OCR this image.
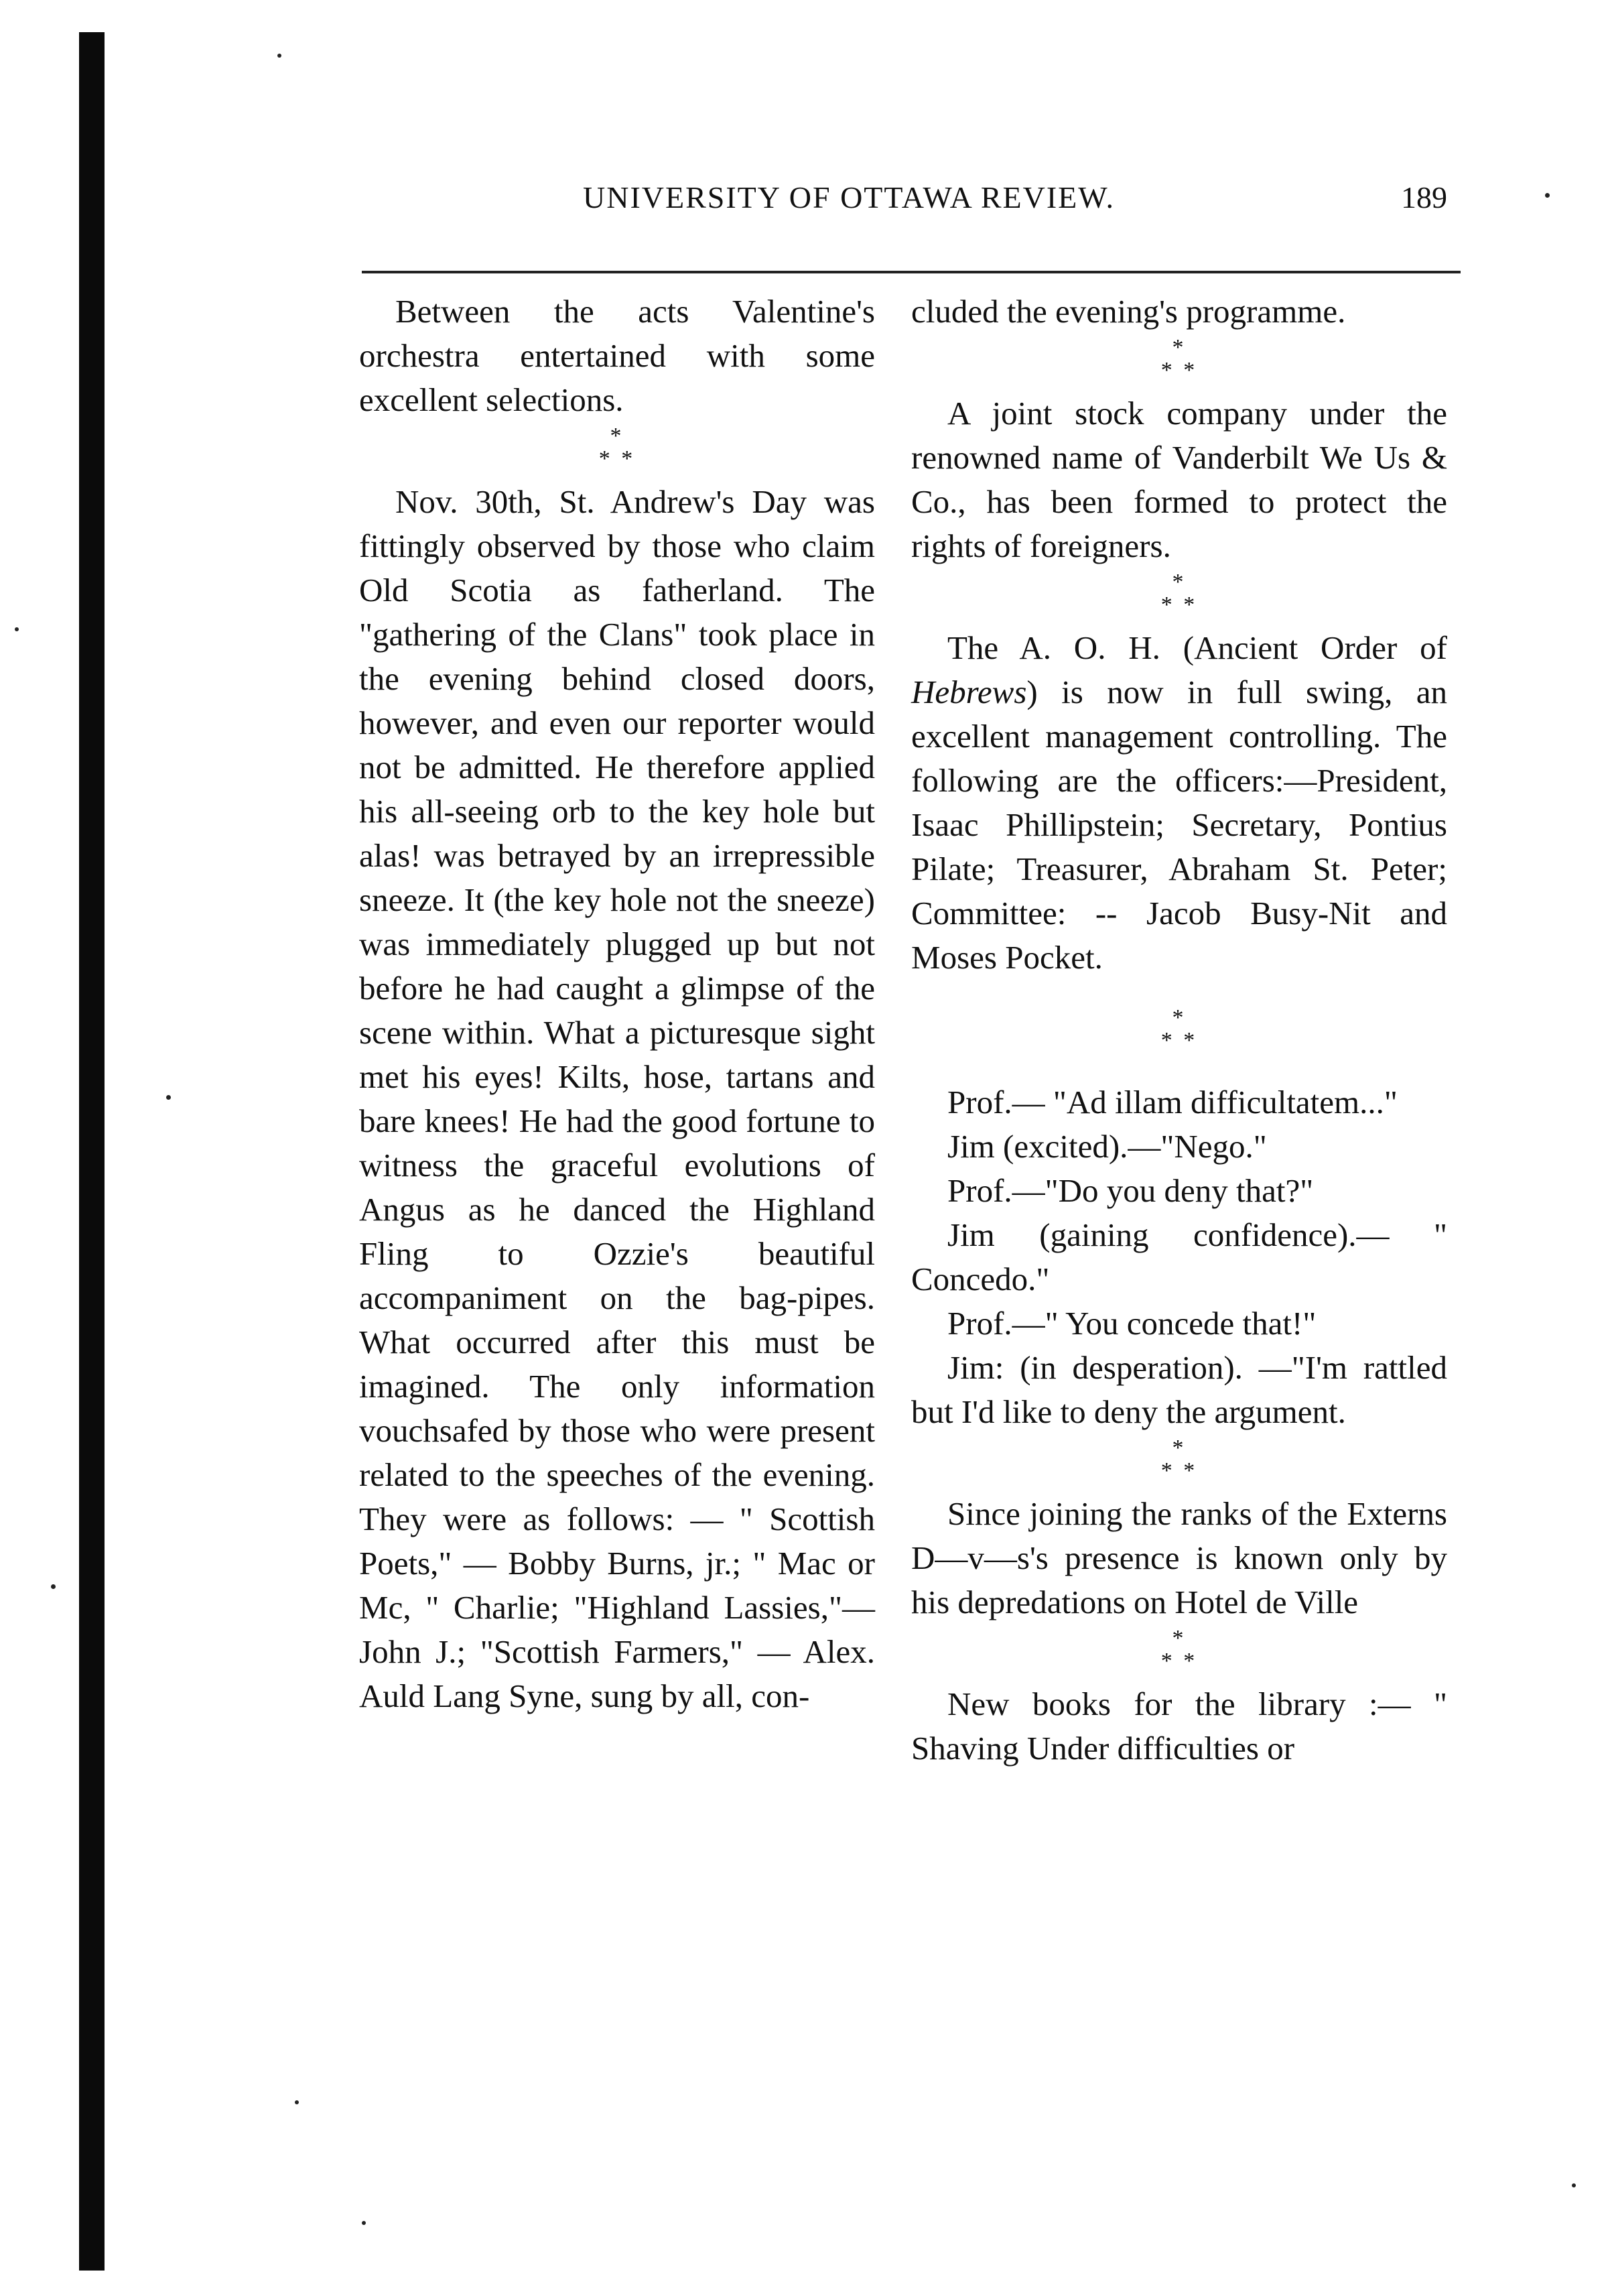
UNIVERSITY OF OTTAWA REVIEW.	189

Between the acts Valentine's orchestra entertained with some excellent selections.

*
* *

Nov. 30th, St. Andrew's Day was fittingly observed by those who claim Old Scotia as fatherland. The "gathering of the Clans" took place in the evening behind closed doors, however, and even our reporter would not be admitted. He therefore applied his all-seeing orb to the key hole but alas! was betrayed by an irrepressible sneeze. It (the key hole not the sneeze) was immediately plugged up but not before he had caught a glimpse of the scene within. What a picturesque sight met his eyes! Kilts, hose, tartans and bare knees! He had the good fortune to witness the graceful evolutions of Angus as he danced the Highland Fling to Ozzie's beautiful accompaniment on the bag-pipes. What occurred after this must be imagined. The only information vouchsafed by those who were present related to the speeches of the evening. They were as follows: — " Scottish Poets," — Bobby Burns, jr.; " Mac or Mc, " Charlie; "Highland Lassies,"—John J.; "Scottish Farmers," — Alex. Auld Lang Syne, sung by all, con-

cluded the evening's programme.

*
* *

A joint stock company under the renowned name of Vanderbilt We Us & Co., has been formed to protect the rights of foreigners.

*
* *

The A. O. H. (Ancient Order of Hebrews) is now in full swing, an excellent management controlling. The following are the officers:—President, Isaac Phillipstein; Secretary, Pontius Pilate; Treasurer, Abraham St. Peter; Committee: -- Jacob Busy-Nit and Moses Pocket.

*
* *

Prof.— "Ad illam difficultatem..."

Jim (excited).—"Nego."

Prof.—"Do you deny that?"

Jim (gaining confidence).— " Concedo."

Prof.—" You concede that!"

Jim: (in desperation). —"I'm rattled but I'd like to deny the argument.

*
* *

Since joining the ranks of the Externs D—v—s's presence is known only by his depredations on Hotel de Ville

*
* *

New books for the library :— " Shaving Under difficulties or
